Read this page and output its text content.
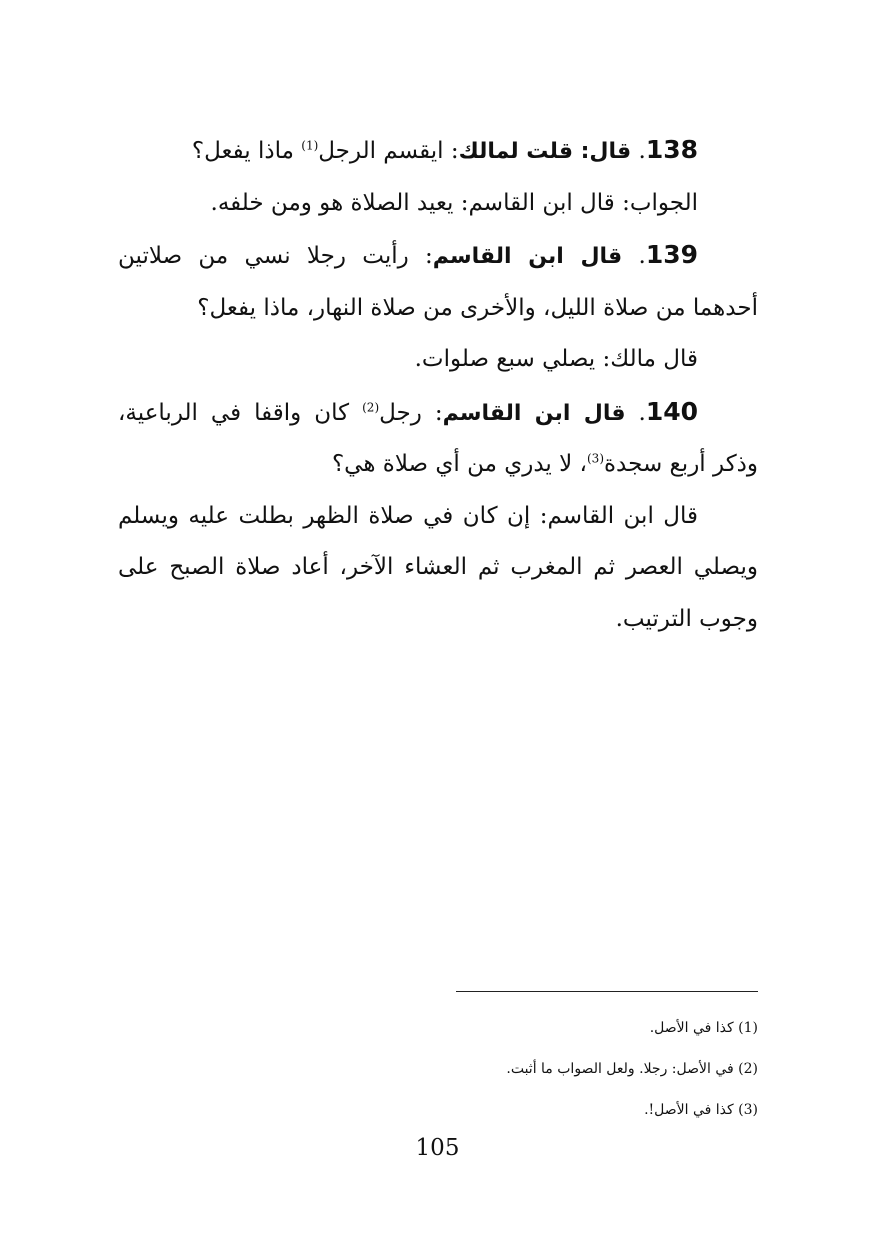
138. قال: قلت لمالك: ايقسم الرجل$^{(1)}$ ماذا يفعل؟

الجواب: قال ابن القاسم: يعيد الصلاة هو ومن خلفه.

139. قال ابن القاسم: رأيت رجلا نسي من صلاتين أحدهما من صلاة الليل، والأخرى من صلاة النهار، ماذا يفعل؟

قال مالك: يصلي سبع صلوات.

140. قال ابن القاسم: رجل$^{(2)}$ كان واقفا في الرباعية، وذكر أربع سجدة$^{(3)}$، لا يدري من أي صلاة هي؟

قال ابن القاسم: إن كان في صلاة الظهر بطلت عليه ويسلم ويصلي العصر ثم المغرب ثم العشاء الآخر، أعاد صلاة الصبح على وجوب الترتيب.

(1) كذا في الأصل.

(2) في الأصل: رجلا. ولعل الصواب ما أثبت.

(3) كذا في الأصل!.

105
